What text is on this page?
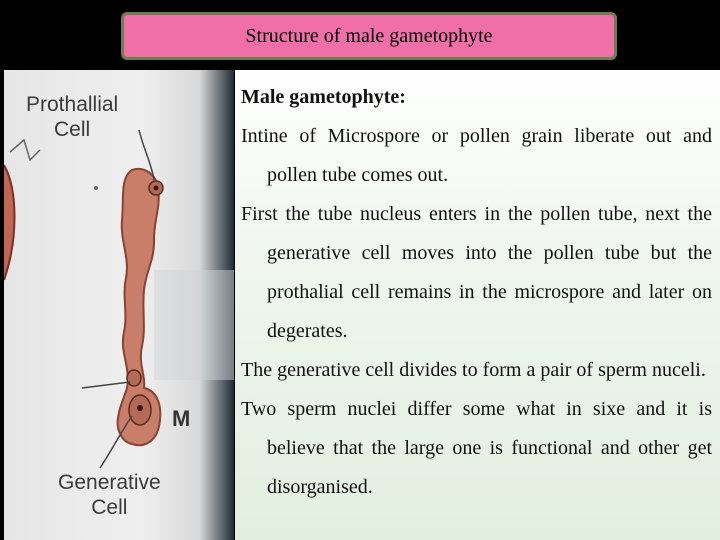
Structure of male gametophyte
Prothallial
Cell
M
Generative
Cell
Male gametophyte:
Intine of Microspore or pollen grain liberate out and pollen tube comes out.
First the tube nucleus enters in the pollen tube, next the generative cell moves into the pollen tube but the prothalial cell remains in the microspore and later on degerates.
The generative cell divides to form a pair of sperm nuceli.
Two sperm nuclei differ some what in sixe and it is believe that the large one is functional and other get disorganised.
